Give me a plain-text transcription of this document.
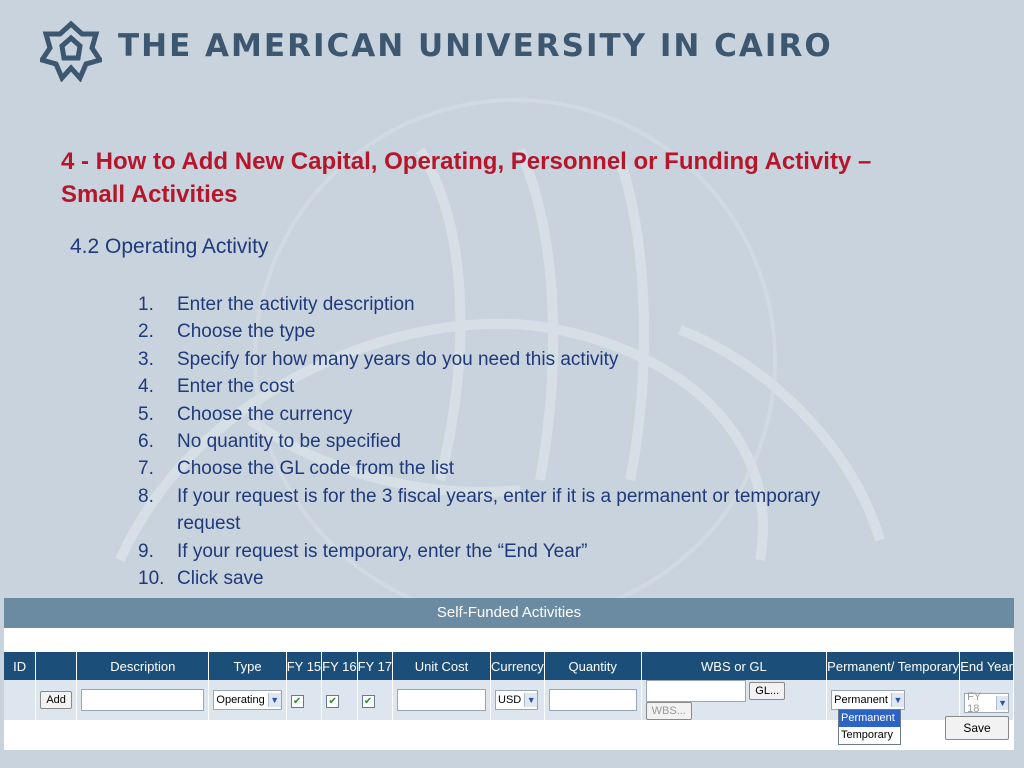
THE AMERICAN UNIVERSITY IN CAIRO
4 - How to Add New Capital, Operating, Personnel or Funding Activity – Small Activities
4.2 Operating Activity
1.	Enter the activity description
2.	Choose the type
3.	Specify for how many years do you need this activity
4.	Enter the cost
5.	Choose the currency
6.	No quantity to be specified
7.	Choose the GL code from the list
8.	If your request is for the 3 fiscal years, enter if it is a permanent or temporary request
9.	If your request is temporary, enter the “End Year”
10. Click save
Self-Funded Activities
ID		Description	Type	FY 15	FY 16	FY 17	Unit Cost	Currency	Quantity	WBS or GL	Permanent/ Temporary	End Year
	Add		Operating ▼	✔	✔	✔		USD ▼		GL... WBS...	Permanent ▼	FY 18 ▼
Permanent
Temporary	Save
